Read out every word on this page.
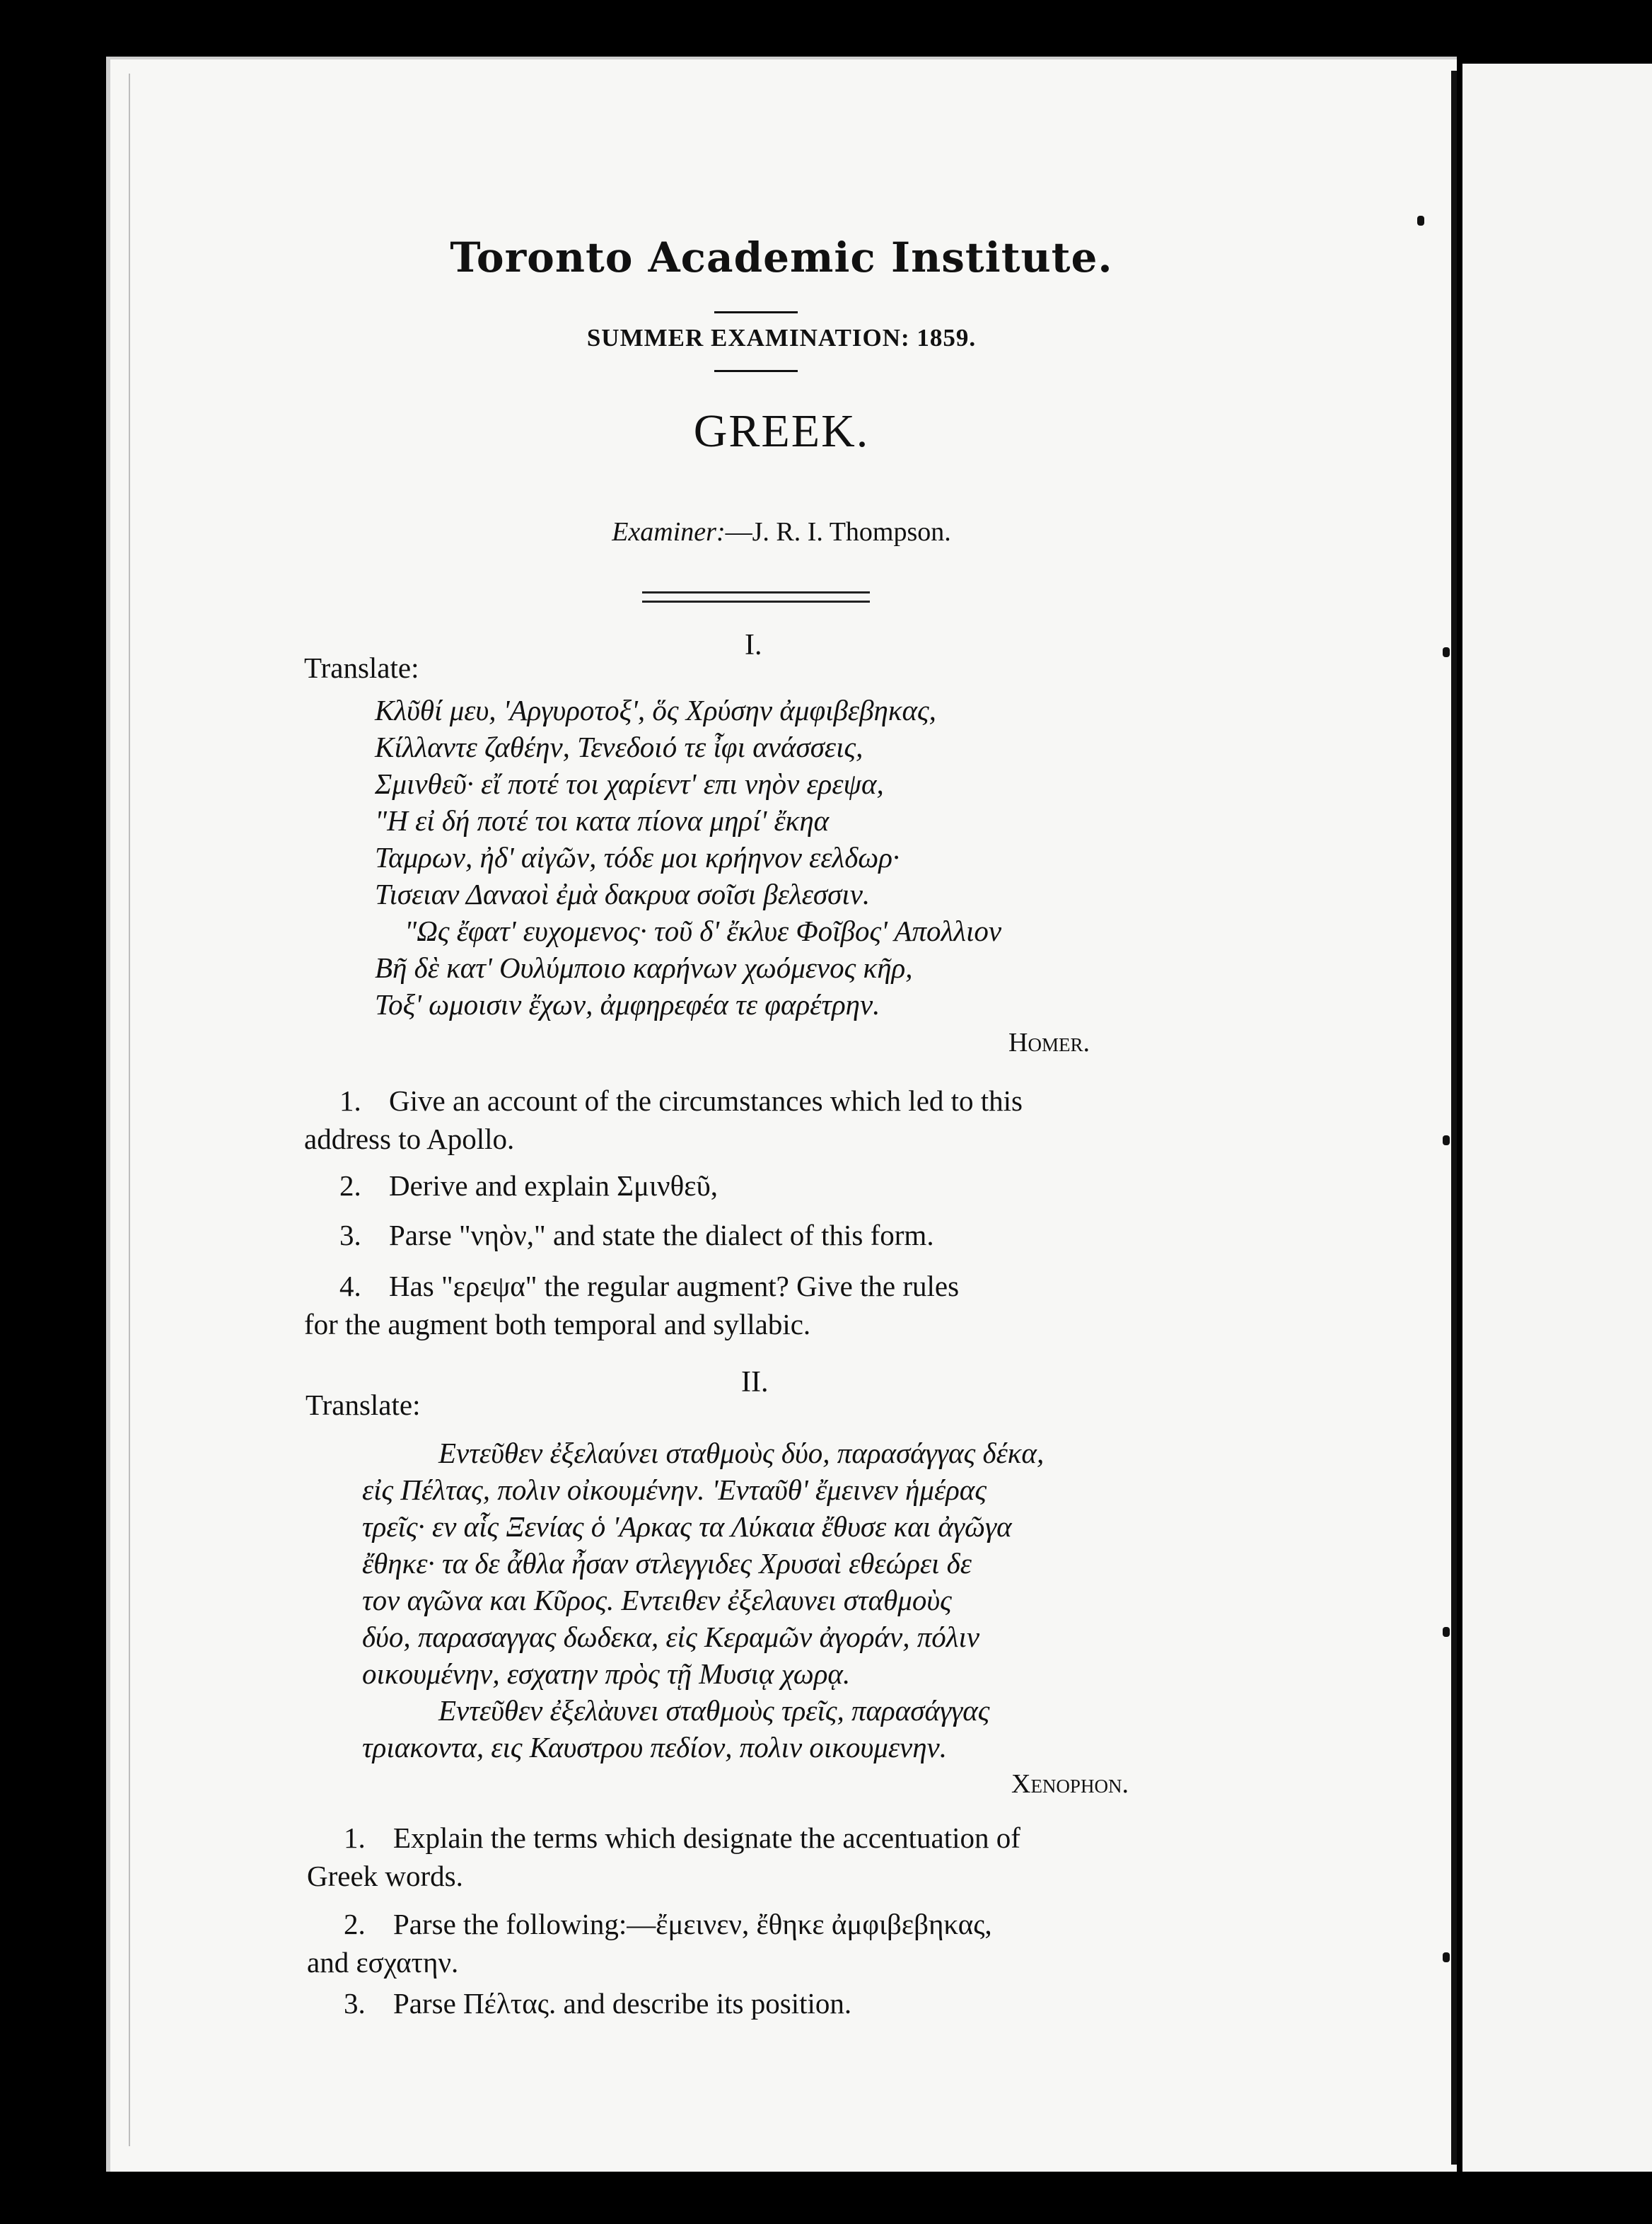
Toronto Academic Institute.
SUMMER EXAMINATION: 1859.
GREEK.
Examiner:—J. R. I. Thompson.
I.
Translate:
Κλῦθί μευ, 'Αργυροτοξ', ὅς Χρύσην ἀμφιβεβηκας,
Κίλλαντε ζαθέην, Τενεδοιό τε ἶφι ανάσσεις,
Σμινθεῦ· εἴ ποτέ τοι χαρίεντ' επι νηὸν ερεψα,
"Η εἰ δή ποτέ τοι κατα πίονα μηρί' ἔκηα
Ταμρων, ἠδ' αἰγῶν, τόδε μοι κρήηνον εελδωρ·
Τισειαν Δαναοὶ ἐμὰ δακρυα σοῖσι βελεσσιν.
"Ως ἔφατ' ευχομενος· τοῦ δ' ἔκλυε Φοῖβος' Απολλιον
Βῆ δὲ κατ' Ουλύμποιο καρήνων χωόμενος κῆρ,
Τοξ' ωμοισιν ἔχων, ἀμφηρεφέα τε φαρέτρην.
Homer.
1. Give an account of the circumstances which led to this
address to Apollo.
2. Derive and explain Σμινθεῦ,
3. Parse "νηὸν," and state the dialect of this form.
4. Has "ερεψα" the regular augment? Give the rules
for the augment both temporal and syllabic.
II.
Translate:
Εντεῦθεν ἐξελαύνει σταθμοὺς δύο, παρασάγγας δέκα,
εἰς Πέλτας, πολιν οἰκουμένην. 'Ενταῦθ' ἔμεινεν ἡμέρας
τρεῖς· εν αἷς Ξενίας ὁ 'Αρκας τα Λύκαια ἔθυσε και ἀγῶγα
ἔθηκε· τα δε ἆθλα ἦσαν στλεγγιδες Χρυσαὶ εθεώρει δε
τον αγῶνα και Κῦρος. Εντειθεν ἐξελαυνει σταθμοὺς
δύο, παρασαγγας δωδεκα, εἰς Κεραμῶν ἀγοράν, πόλιν
οικουμένην, εσχατην πρὸς τῇ Μυσιᾳ χωρᾳ.
Εντεῦθεν ἐξελὰυνει σταθμοὺς τρεῖς, παρασάγγας
τριακοντα, εις Καυστρου πεδίον, πολιν οικουμενην.
Xenophon.
1. Explain the terms which designate the accentuation of
Greek words.
2. Parse the following:—ἔμεινεν, ἔθηκε ἀμφιβεβηκας,
and εσχατην.
3. Parse Πέλτας. and describe its position.
